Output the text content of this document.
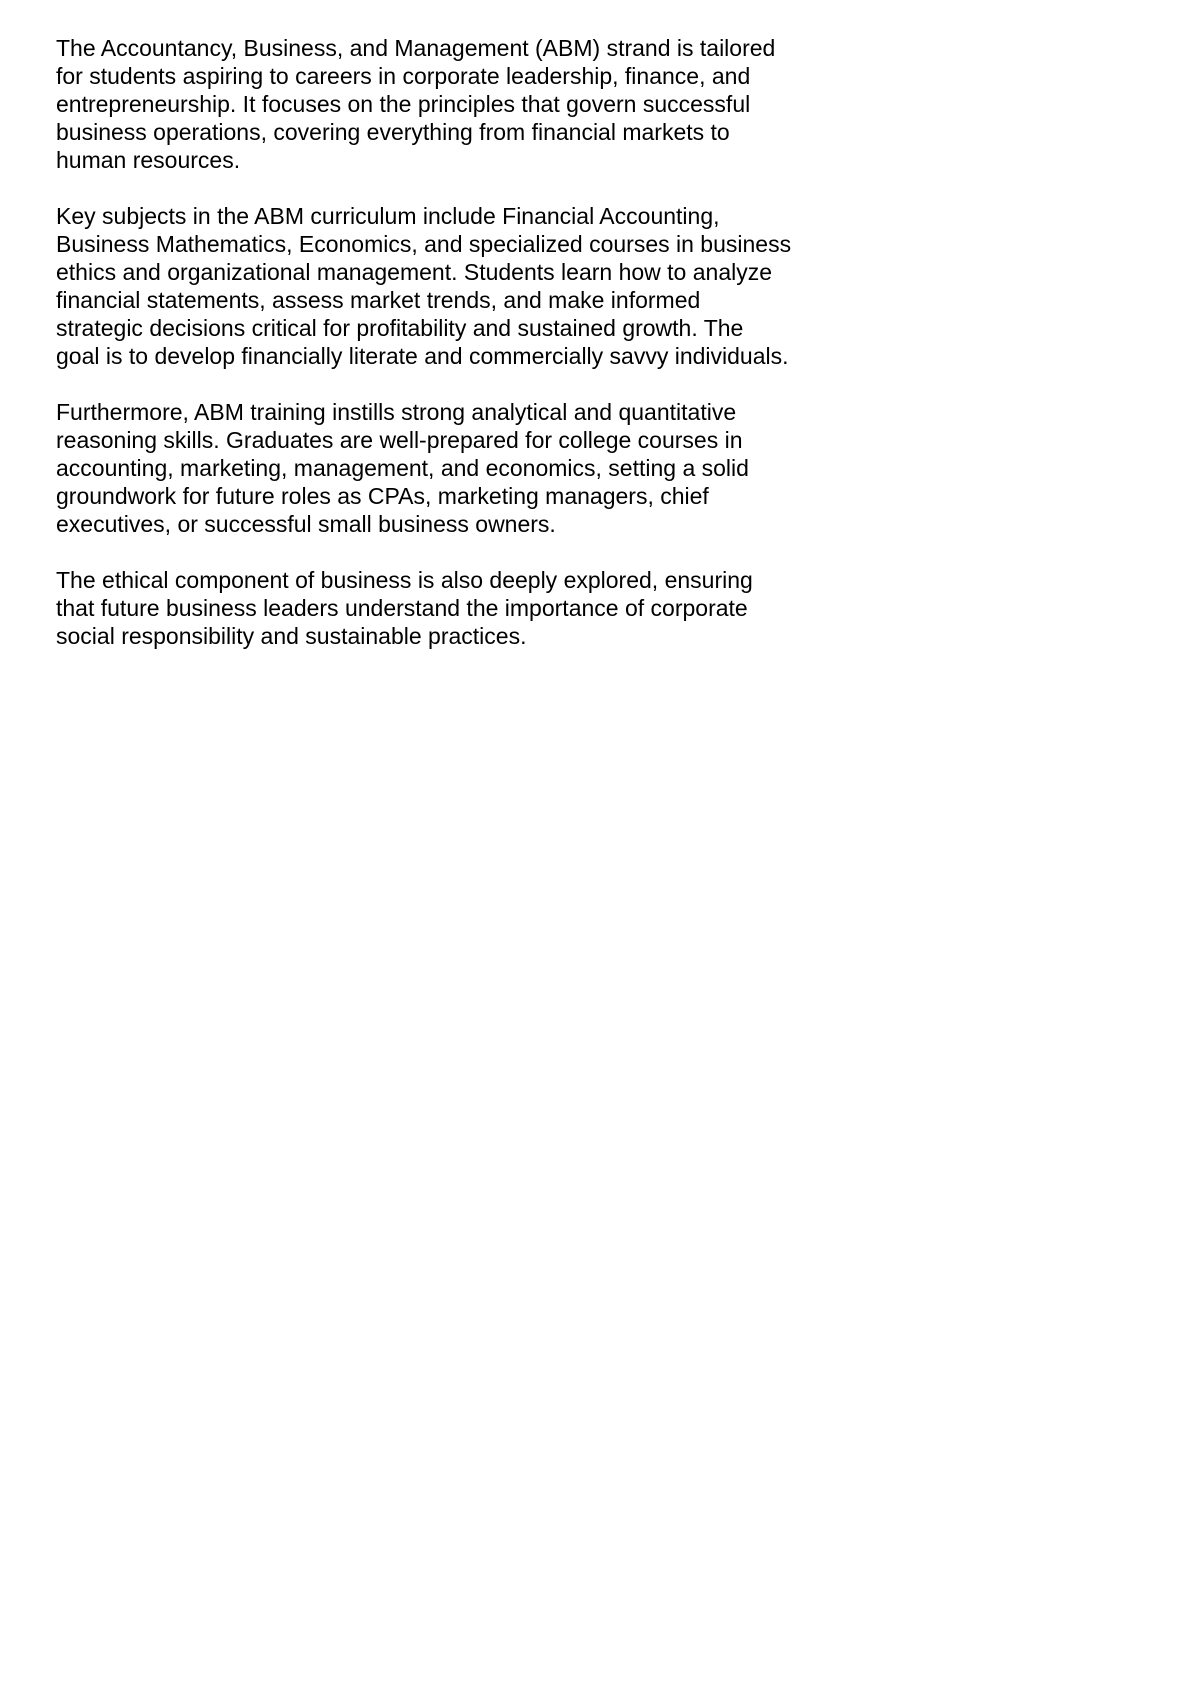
The Accountancy, Business, and Management (ABM) strand is tailored
for students aspiring to careers in corporate leadership, finance, and
entrepreneurship. It focuses on the principles that govern successful
business operations, covering everything from financial markets to
human resources.

Key subjects in the ABM curriculum include Financial Accounting,
Business Mathematics, Economics, and specialized courses in business
ethics and organizational management. Students learn how to analyze
financial statements, assess market trends, and make informed
strategic decisions critical for profitability and sustained growth. The
goal is to develop financially literate and commercially savvy individuals.

Furthermore, ABM training instills strong analytical and quantitative
reasoning skills. Graduates are well-prepared for college courses in
accounting, marketing, management, and economics, setting a solid
groundwork for future roles as CPAs, marketing managers, chief
executives, or successful small business owners.

The ethical component of business is also deeply explored, ensuring
that future business leaders understand the importance of corporate
social responsibility and sustainable practices.
